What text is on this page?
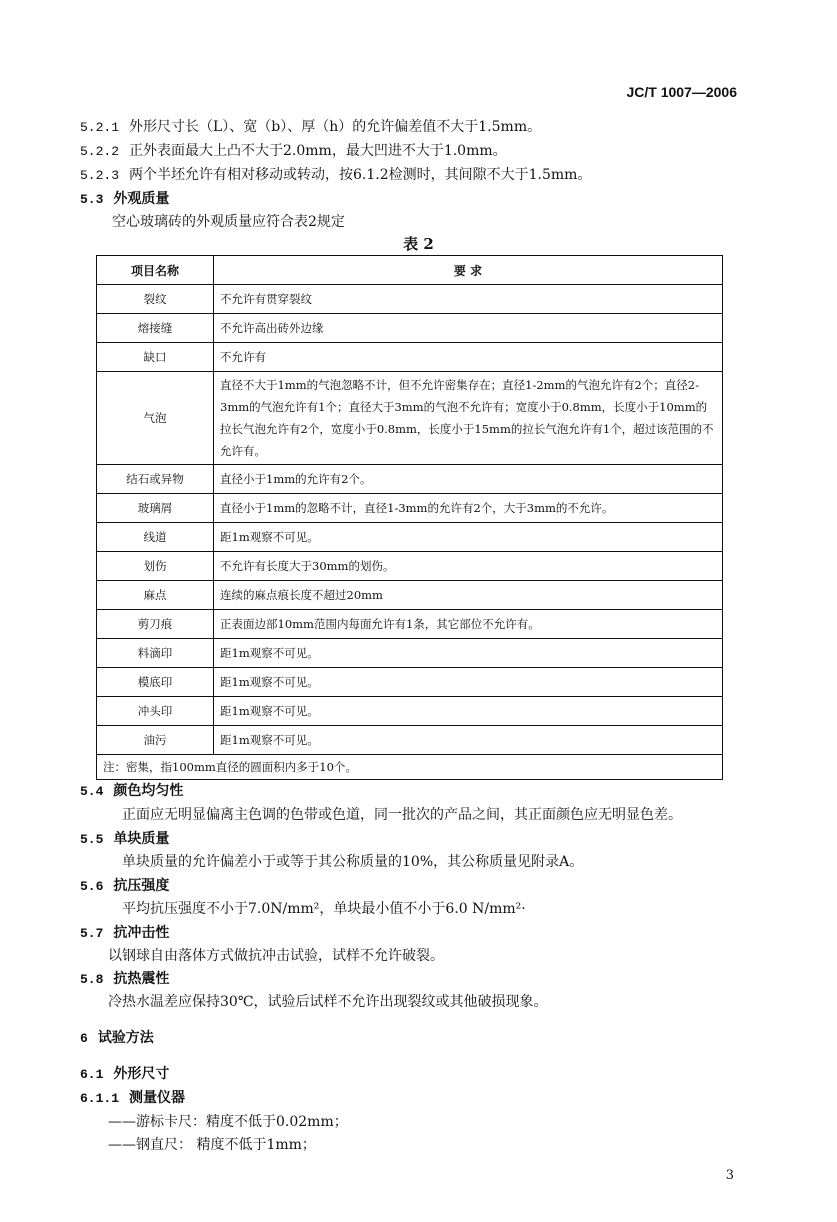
JC/T 1007—2006
5.2.1 外形尺寸长（L）、宽（b）、厚（h）的允许偏差值不大于1.5mm。
5.2.2 正外表面最大上凸不大于2.0mm，最大凹进不大于1.0mm。
5.2.3 两个半坯允许有相对移动或转动，按6.1.2检测时，其间隙不大于1.5mm。
5.3 外观质量
空心玻璃砖的外观质量应符合表2规定
表 2
项目名称	要 求
裂纹	不允许有贯穿裂纹
熔接缝	不允许高出砖外边缘
缺口	不允许有
气泡	直径不大于1mm的气泡忽略不计，但不允许密集存在；直径1-2mm的气泡允许有2个；直径2-3mm的气泡允许有1个；直径大于3mm的气泡不允许有；宽度小于0.8mm，长度小于10mm的拉长气泡允许有2个，宽度小于0.8mm，长度小于15mm的拉长气泡允许有1个，超过该范围的不允许有。
结石或异物	直径小于1mm的允许有2个。
玻璃屑	直径小于1mm的忽略不计，直径1-3mm的允许有2个，大于3mm的不允许。
线道	距1m观察不可见。
划伤	不允许有长度大于30mm的划伤。
麻点	连续的麻点痕长度不超过20mm
剪刀痕	正表面边部10mm范围内每面允许有1条，其它部位不允许有。
料滴印	距1m观察不可见。
模底印	距1m观察不可见。
冲头印	距1m观察不可见。
油污	距1m观察不可见。
注：密集，指100mm直径的圆面积内多于10个。	
5.4 颜色均匀性
正面应无明显偏离主色调的色带或色道，同一批次的产品之间，其正面颜色应无明显色差。
5.5 单块质量
单块质量的允许偏差小于或等于其公称质量的10%，其公称质量见附录A。
5.6 抗压强度
平均抗压强度不小于7.0N/mm²，单块最小值不小于6.0 N/mm²·
5.7 抗冲击性
以钢球自由落体方式做抗冲击试验，试样不允许破裂。
5.8 抗热震性
冷热水温差应保持30℃，试验后试样不允许出现裂纹或其他破损现象。
6 试验方法
6.1 外形尺寸
6.1.1 测量仪器
——游标卡尺：精度不低于0.02mm；
——钢直尺： 精度不低于1mm；
3
